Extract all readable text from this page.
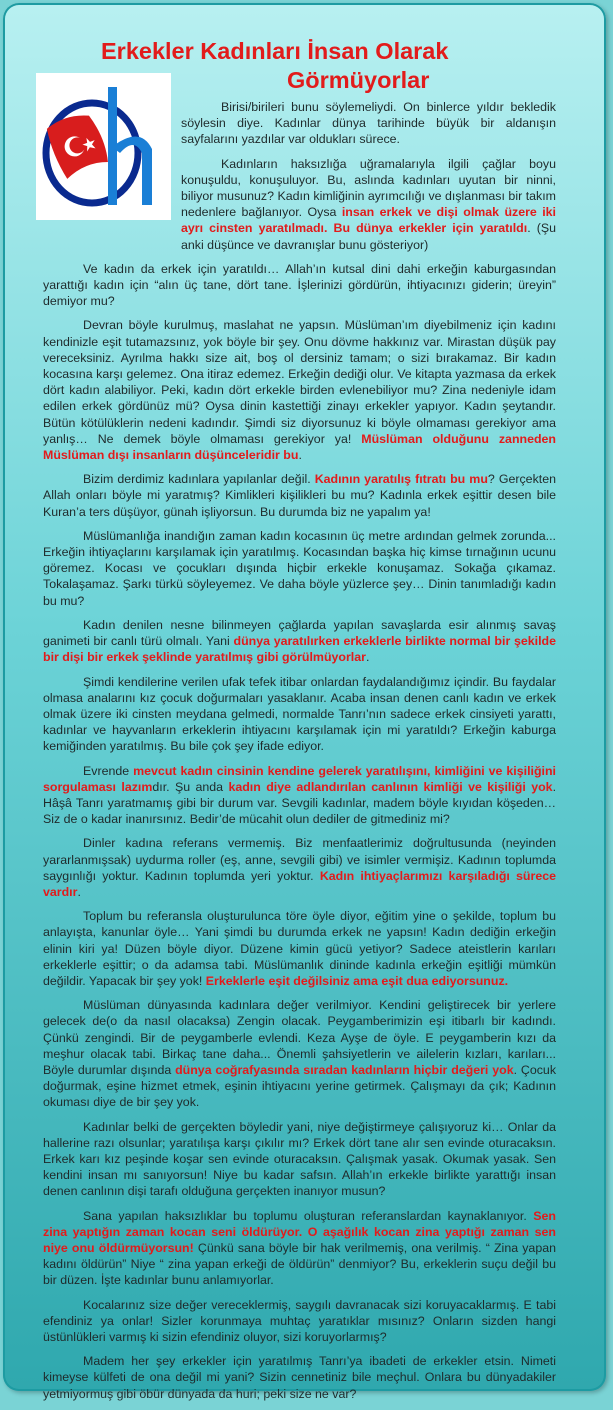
Erkekler Kadınları İnsan Olarak
Görmüyorlar

Birisi/birileri bunu söylemeliydi. On binlerce yıldır bekledik söylesin diye. Kadınlar dünya tarihinde büyük bir aldanışın sayfalarını yazdılar var oldukları sürece.

Kadınların haksızlığa uğramalarıyla ilgili çağlar boyu konuşuldu, konuşuluyor. Bu, aslında kadınları uyutan bir ninni, biliyor musunuz? Kadın kimliğinin ayrımcılığı ve dışlanması bir takım nedenlere bağlanıyor. Oysa insan erkek ve dişi olmak üzere iki ayrı cinsten yaratılmadı. Bu dünya erkekler için yaratıldı. (Şu anki düşünce ve davranışlar bunu gösteriyor)

Ve kadın da erkek için yaratıldı… Allah’ın kutsal dini dahi erkeğin kaburgasından yarattığı kadın için “alın üç tane, dört tane. İşlerinizi gördürün, ihtiyacınızı giderin; üreyin” demiyor mu?

Devran böyle kurulmuş, maslahat ne yapsın. Müslüman’ım diyebilmeniz için kadını kendinizle eşit tutamazsınız, yok böyle bir şey. Onu dövme hakkınız var. Mirastan düşük pay vereceksiniz. Ayrılma hakkı size ait, boş ol dersiniz tamam; o sizi bırakamaz. Bir kadın kocasına karşı gelemez. Ona itiraz edemez. Erkeğin dediği olur. Ve kitapta yazmasa da erkek dört kadın alabiliyor. Peki, kadın dört erkekle birden evlenebiliyor mu? Zina nedeniyle idam edilen erkek gördünüz mü? Oysa dinin kastettiği zinayı erkekler yapıyor. Kadın şeytandır. Bütün kötülüklerin nedeni kadındır. Şimdi siz diyorsunuz ki böyle olmaması gerekiyor ama yanlış… Ne demek böyle olmaması gerekiyor ya! Müslüman olduğunu zanneden Müslüman dışı insanların düşünceleridir bu.

Bizim derdimiz kadınlara yapılanlar değil. Kadının yaratılış fıtratı bu mu? Gerçekten Allah onları böyle mi yaratmış? Kimlikleri kişilikleri bu mu? Kadınla erkek eşittir desen bile Kuran’a ters düşüyor, günah işliyorsun. Bu durumda biz ne yapalım ya!

Müslümanlığa inandığın zaman kadın kocasının üç metre ardından gelmek zorunda... Erkeğin ihtiyaçlarını karşılamak için yaratılmış. Kocasından başka hiç kimse tırnağının ucunu göremez. Kocası ve çocukları dışında hiçbir erkekle konuşamaz. Sokağa çıkamaz. Tokalaşamaz. Şarkı türkü söyleyemez. Ve daha böyle yüzlerce şey… Dinin tanımladığı kadın bu mu?

Kadın denilen nesne bilinmeyen çağlarda yapılan savaşlarda esir alınmış savaş ganimeti bir canlı türü olmalı. Yani dünya yaratılırken erkeklerle birlikte normal bir şekilde bir dişi bir erkek şeklinde yaratılmış gibi görülmüyorlar.

Şimdi kendilerine verilen ufak tefek itibar onlardan faydalandığımız içindir. Bu faydalar olmasa analarını kız çocuk doğurmaları yasaklanır. Acaba insan denen canlı kadın ve erkek olmak üzere iki cinsten meydana gelmedi, normalde Tanrı’nın sadece erkek cinsiyeti yarattı, kadınlar ve hayvanların erkeklerin ihtiyacını karşılamak için mi yaratıldı? Erkeğin kaburga kemiğinden yaratılmış. Bu bile çok şey ifade ediyor.

Evrende mevcut kadın cinsinin kendine gelerek yaratılışını, kimliğini ve kişiliğini sorgulaması lazımdır. Şu anda kadın diye adlandırılan canlının kimliği ve kişiliği yok. Hâşâ Tanrı yaratmamış gibi bir durum var. Sevgili kadınlar, madem böyle kıyıdan köşeden… Siz de o kadar inanırsınız. Bedir’de mücahit olun dediler de gitmediniz mi?

Dinler kadına referans vermemiş. Biz menfaatlerimiz doğrultusunda (neyinden yararlanmışsak) uydurma roller (eş, anne, sevgili gibi) ve isimler vermişiz. Kadının toplumda saygınlığı yoktur. Kadının toplumda yeri yoktur. Kadın ihtiyaçlarımızı karşıladığı sürece vardır.

Toplum bu referansla oluşturulunca töre öyle diyor, eğitim yine o şekilde, toplum bu anlayışta, kanunlar öyle… Yani şimdi bu durumda erkek ne yapsın! Kadın dediğin erkeğin elinin kiri ya! Düzen böyle diyor. Düzene kimin gücü yetiyor? Sadece ateistlerin karıları erkeklerle eşittir; o da adamsa tabi. Müslümanlık dininde kadınla erkeğin eşitliği mümkün değildir. Yapacak bir şey yok! Erkeklerle eşit değilsiniz ama eşit dua ediyorsunuz.

Müslüman dünyasında kadınlara değer verilmiyor. Kendini geliştirecek bir yerlere gelecek de(o da nasıl olacaksa) Zengin olacak. Peygamberimizin eşi itibarlı bir kadındı. Çünkü zengindi. Bir de peygamberle evlendi. Keza Ayşe de öyle. E peygamberin kızı da meşhur olacak tabi. Birkaç tane daha... Önemli şahsiyetlerin ve ailelerin kızları, karıları... Böyle durumlar dışında dünya coğrafyasında sıradan kadınların hiçbir değeri yok. Çocuk doğurmak, eşine hizmet etmek, eşinin ihtiyacını yerine getirmek. Çalışmayı da çık; Kadının okuması diye de bir şey yok.

Kadınlar belki de gerçekten böyledir yani, niye değiştirmeye çalışıyoruz ki… Onlar da hallerine razı olsunlar; yaratılışa karşı çıkılır mı? Erkek dört tane alır sen evinde oturacaksın. Erkek karı kız peşinde koşar sen evinde oturacaksın. Çalışmak yasak. Okumak yasak. Sen kendini insan mı sanıyorsun! Niye bu kadar safsın. Allah’ın erkekle birlikte yarattığı insan denen canlının dişi tarafı olduğuna gerçekten inanıyor musun?

Sana yapılan haksızlıklar bu toplumu oluşturan referanslardan kaynaklanıyor. Sen zina yaptığın zaman kocan seni öldürüyor. O aşağılık kocan zina yaptığı zaman sen niye onu öldürmüyorsun! Çünkü sana böyle bir hak verilmemiş, ona verilmiş. “ Zina yapan kadını öldürün” Niye “ zina yapan erkeği de öldürün” denmiyor? Bu, erkeklerin suçu değil bu bir düzen. İşte kadınlar bunu anlamıyorlar.

Kocalarınız size değer vereceklermiş, saygılı davranacak sizi koruyacaklarmış. E tabi efendiniz ya onlar! Sizler korunmaya muhtaç yaratıklar mısınız? Onların sizden hangi üstünlükleri varmış ki sizin efendiniz oluyor, sizi koruyorlarmış?

Madem her şey erkekler için yaratılmış Tanrı’ya ibadeti de erkekler etsin. Nimeti kimeyse külfeti de ona değil mi yani? Sizin cennetiniz bile meçhul. Onlara bu dünyadakiler yetmiyormuş gibi öbür dünyada da huri; peki size ne var?
